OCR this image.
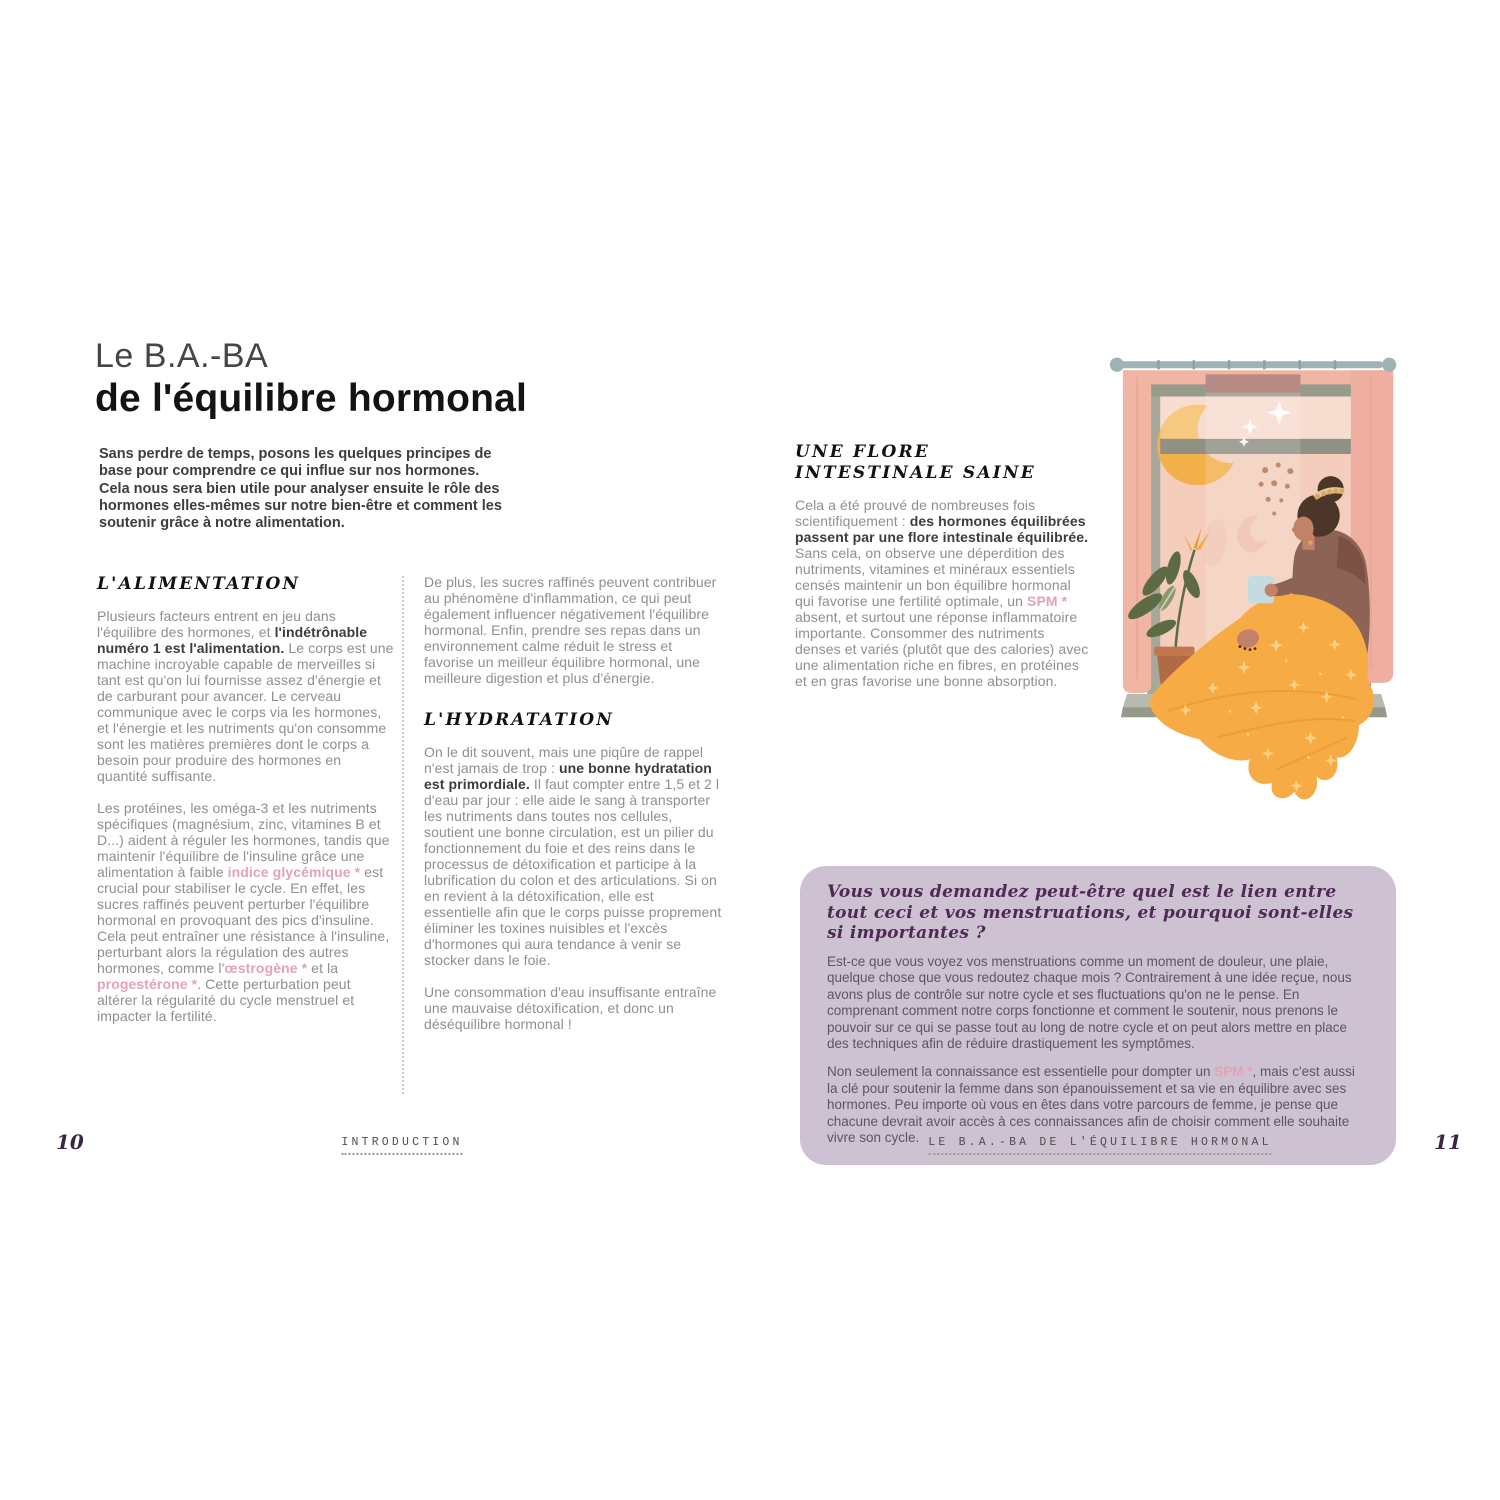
Le B.A.-BA
de l'équilibre hormonal
Sans perdre de temps, posons les quelques principes de base pour comprendre ce qui influe sur nos hormones. Cela nous sera bien utile pour analyser ensuite le rôle des hormones elles-mêmes sur notre bien-être et comment les soutenir grâce à notre alimentation.
L'ALIMENTATION

Plusieurs facteurs entrent en jeu dans l'équilibre des hormones, et l'indétrônable numéro 1 est l'alimentation. Le corps est une machine incroyable capable de merveilles si tant est qu'on lui fournisse assez d'énergie et de carburant pour avancer. Le cerveau communique avec le corps via les hormones, et l'énergie et les nutriments qu'on consomme sont les matières premières dont le corps a besoin pour produire des hormones en quantité suffisante.

Les protéines, les oméga-3 et les nutriments spécifiques (magnésium, zinc, vitamines B et D...) aident à réguler les hormones, tandis que maintenir l'équilibre de l'insuline grâce une alimentation à faible indice glycémique * est crucial pour stabiliser le cycle. En effet, les sucres raffinés peuvent perturber l'équilibre hormonal en provoquant des pics d'insuline. Cela peut entraîner une résistance à l'insuline, perturbant alors la régulation des autres hormones, comme l'œstrogène * et la progestérone *. Cette perturbation peut altérer la régularité du cycle menstruel et impacter la fertilité.

De plus, les sucres raffinés peuvent contribuer au phénomène d'inflammation, ce qui peut également influencer négativement l'équilibre hormonal. Enfin, prendre ses repas dans un environnement calme réduit le stress et favorise un meilleur équilibre hormonal, une meilleure digestion et plus d'énergie.

L'HYDRATATION

On le dit souvent, mais une piqûre de rappel n'est jamais de trop : une bonne hydratation est primordiale. Il faut compter entre 1,5 et 2 l d'eau par jour : elle aide le sang à transporter les nutriments dans toutes nos cellules, soutient une bonne circulation, est un pilier du fonctionnement du foie et des reins dans le processus de détoxification et participe à la lubrification du colon et des articulations. Si on en revient à la détoxification, elle est essentielle afin que le corps puisse proprement éliminer les toxines nuisibles et l'excès d'hormones qui aura tendance à venir se stocker dans le foie.

Une consommation d'eau insuffisante entraîne une mauvaise détoxification, et donc un déséquilibre hormonal !

UNE FLORE INTESTINALE SAINE

Cela a été prouvé de nombreuses fois scientifiquement : des hormones équilibrées passent par une flore intestinale équilibrée. Sans cela, on observe une déperdition des nutriments, vitamines et minéraux essentiels censés maintenir un bon équilibre hormonal qui favorise une fertilité optimale, un SPM * absent, et surtout une réponse inflammatoire importante. Consommer des nutriments denses et variés (plutôt que des calories) avec une alimentation riche en fibres, en protéines et en gras favorise une bonne absorption.

Vous vous demandez peut-être quel est le lien entre tout ceci et vos menstruations, et pourquoi sont-elles si importantes ?

Est-ce que vous voyez vos menstruations comme un moment de douleur, une plaie, quelque chose que vous redoutez chaque mois ? Contrairement à une idée reçue, nous avons plus de contrôle sur notre cycle et ses fluctuations qu'on ne le pense. En comprenant comment notre corps fonctionne et comment le soutenir, nous prenons le pouvoir sur ce qui se passe tout au long de notre cycle et on peut alors mettre en place des techniques afin de réduire drastiquement les symptômes.

Non seulement la connaissance est essentielle pour dompter un SPM *, mais c'est aussi la clé pour soutenir la femme dans son épanouissement et sa vie en équilibre avec ses hormones. Peu importe où vous en êtes dans votre parcours de femme, je pense que chacune devrait avoir accès à ces connaissances afin de choisir comment elle souhaite vivre son cycle.

10	INTRODUCTION	LE B.A.-BA DE L'ÉQUILIBRE HORMONAL	11
